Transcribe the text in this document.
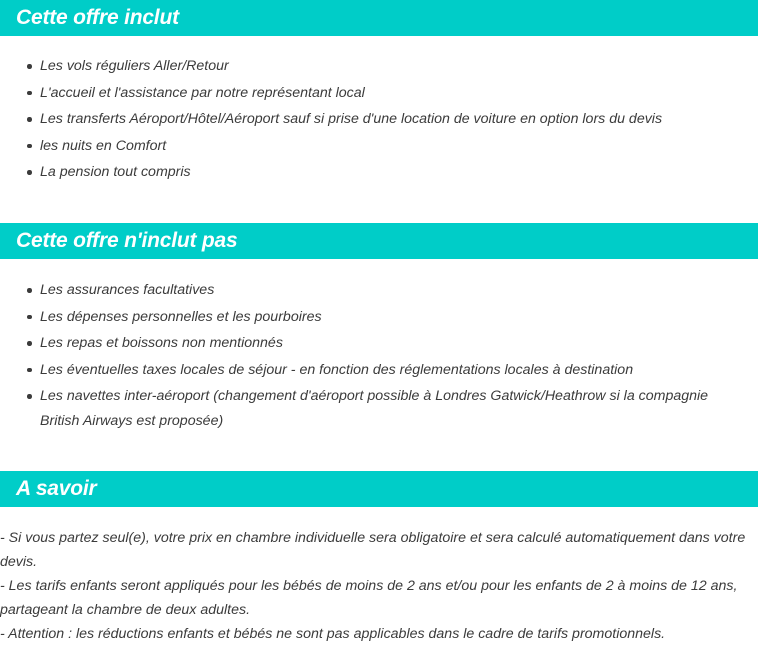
Cette offre inclut
Les vols réguliers Aller/Retour
L'accueil et l'assistance par notre représentant local
Les transferts Aéroport/Hôtel/Aéroport sauf si prise d'une location de voiture en option lors du devis
les nuits en Comfort
La pension tout compris
Cette offre n'inclut pas
Les assurances facultatives
Les dépenses personnelles et les pourboires
Les repas et boissons non mentionnés
Les éventuelles taxes locales de séjour - en fonction des réglementations locales à destination
Les navettes inter-aéroport (changement d'aéroport possible à Londres Gatwick/Heathrow si la compagnie British Airways est proposée)
A savoir

- Si vous partez seul(e), votre prix en chambre individuelle sera obligatoire et sera calculé automatiquement dans votre devis.

- Les tarifs enfants seront appliqués pour les bébés de moins de 2 ans et/ou pour les enfants de 2 à moins de 12 ans, partageant la chambre de deux adultes.

- Attention : les réductions enfants et bébés ne sont pas applicables dans le cadre de tarifs promotionnels.
